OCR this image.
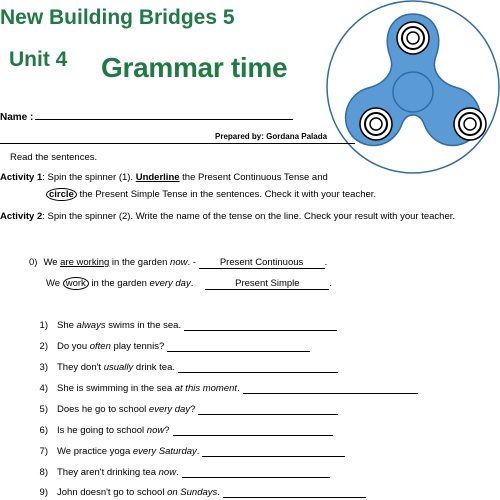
New Building Bridges 5
Unit 4 Grammar time
Name :
Prepared by: Gordana Palada
Read the sentences.
Activity 1: Spin the spinner (1). Underline the Present Continuous Tense and
circle the Present Simple Tense in the sentences. Check it with your teacher.
Activity 2: Spin the spinner (2). Write the name of the tense on the line. Check your result with your teacher.
0) We are working in the garden now. - Present Continuous .
We work in the garden every day.	Present Simple	.
1) She always swims in the sea.
2) Do you often play tennis?
3) They don't usually drink tea.
4) She is swimming in the sea at this moment.
5) Does he go to school every day?
6) Is he going to school now?
7) We practice yoga every Saturday.
8) They aren't drinking tea now.
9) John doesn't go to school on Sundays.
